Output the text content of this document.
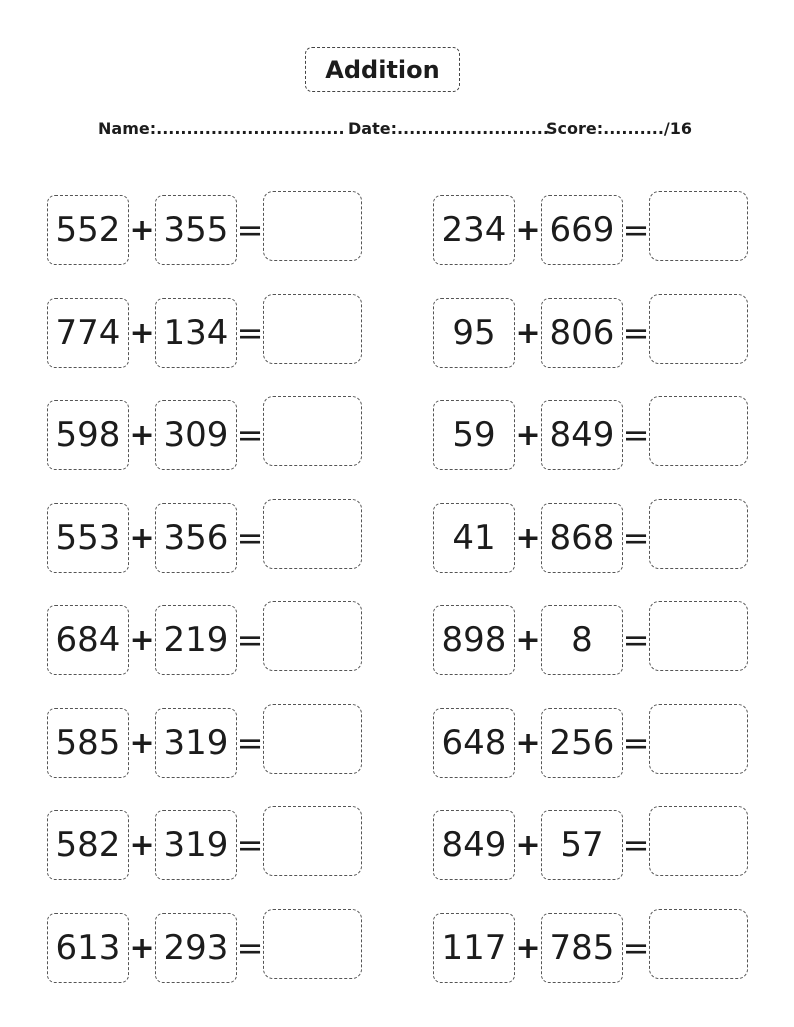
Addition
Name:............................... Date:.........................
Score:........../16
552 + 355 =
774 + 134 =
598 + 309 =
553 + 356 =
684 + 219 =
585 + 319 =
582 + 319 =
613 + 293 =
234 + 669 =
95 + 806 =
59 + 849 =
41 + 868 =
898 + 8 =
648 + 256 =
849 + 57 =
117 + 785 =
